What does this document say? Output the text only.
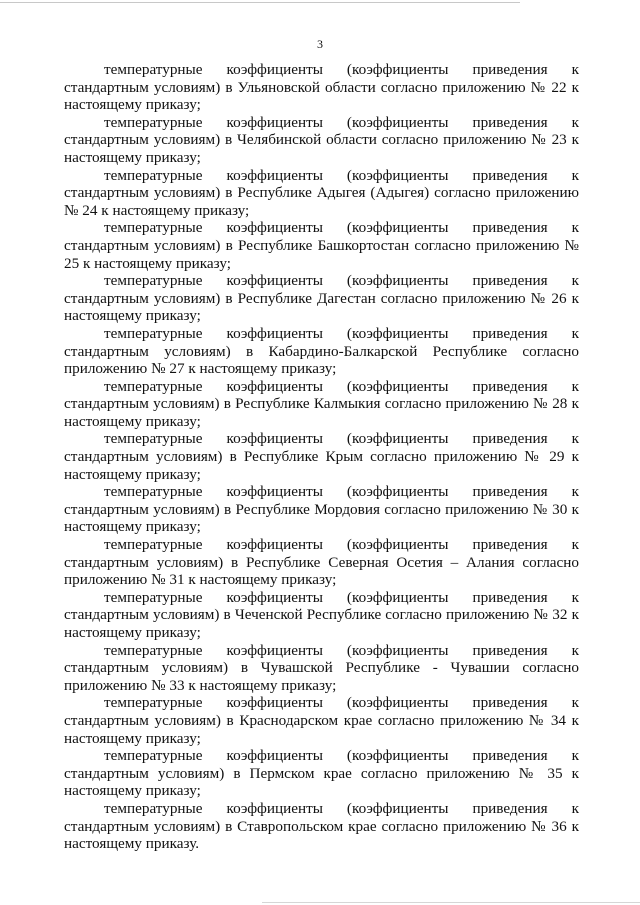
3

температурные коэффициенты (коэффициенты приведения к стандартным условиям) в Ульяновской области согласно приложению № 22 к настоящему приказу;

температурные коэффициенты (коэффициенты приведения к стандартным условиям) в Челябинской области согласно приложению № 23 к настоящему приказу;

температурные коэффициенты (коэффициенты приведения к стандартным условиям) в Республике Адыгея (Адыгея) согласно приложению № 24 к настоящему приказу;

температурные коэффициенты (коэффициенты приведения к стандартным условиям) в Республике Башкортостан согласно приложению № 25 к настоящему приказу;

температурные коэффициенты (коэффициенты приведения к стандартным условиям) в Республике Дагестан согласно приложению № 26 к настоящему приказу;

температурные коэффициенты (коэффициенты приведения к стандартным условиям) в Кабардино-Балкарской Республике согласно приложению № 27 к настоящему приказу;

температурные коэффициенты (коэффициенты приведения к стандартным условиям) в Республике Калмыкия согласно приложению № 28 к настоящему приказу;

температурные коэффициенты (коэффициенты приведения к стандартным условиям) в Республике Крым согласно приложению № 29 к настоящему приказу;

температурные коэффициенты (коэффициенты приведения к стандартным условиям) в Республике Мордовия согласно приложению № 30 к настоящему приказу;

температурные коэффициенты (коэффициенты приведения к стандартным условиям) в Республике Северная Осетия – Алания согласно приложению № 31 к настоящему приказу;

температурные коэффициенты (коэффициенты приведения к стандартным условиям) в Чеченской Республике согласно приложению № 32 к настоящему приказу;

температурные коэффициенты (коэффициенты приведения к стандартным условиям) в Чувашской Республике - Чувашии согласно приложению № 33 к настоящему приказу;

температурные коэффициенты (коэффициенты приведения к стандартным условиям) в Краснодарском крае согласно приложению № 34 к настоящему приказу;

температурные коэффициенты (коэффициенты приведения к стандартным условиям) в Пермском крае согласно приложению № 35 к настоящему приказу;

температурные коэффициенты (коэффициенты приведения к стандартным условиям) в Ставропольском крае согласно приложению № 36 к настоящему приказу.
